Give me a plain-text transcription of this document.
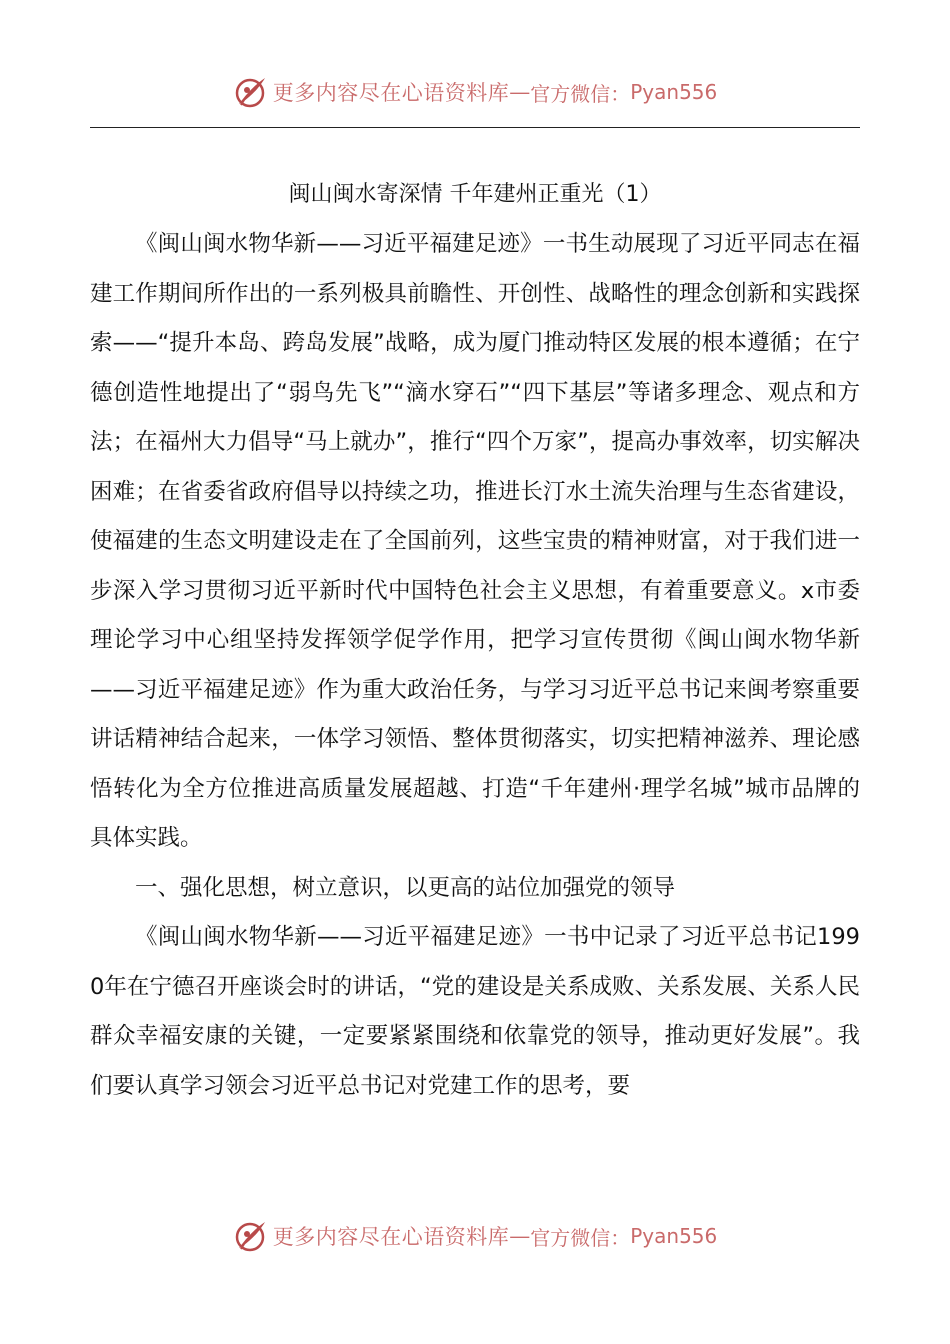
更多内容尽在心语资料库 — 官方微信： Pyan556
闽山闽水寄深情 千年建州正重光（1）

《闽山闽水物华新——习近平福建足迹》一书生动展现了习近平同志在福建工作期间所作出的一系列极具前瞻性、开创性、战略性的理念创新和实践探索——“提升本岛、跨岛发展”战略，成为厦门推动特区发展的根本遵循；在宁德创造性地提出了“弱鸟先飞”“滴水穿石”“四下基层”等诸多理念、观点和方法；在福州大力倡导“马上就办”，推行“四个万家”，提高办事效率，切实解决困难；在省委省政府倡导以持续之功，推进长汀水土流失治理与生态省建设，使福建的生态文明建设走在了全国前列，这些宝贵的精神财富，对于我们进一步深入学习贯彻习近平新时代中国特色社会主义思想，有着重要意义。x市委理论学习中心组坚持发挥领学促学作用，把学习宣传贯彻《闽山闽水物华新——习近平福建足迹》作为重大政治任务，与学习习近平总书记来闽考察重要讲话精神结合起来，一体学习领悟、整体贯彻落实，切实把精神滋养、理论感悟转化为全方位推进高质量发展超越、打造“千年建州·理学名城”城市品牌的具体实践。

一、强化思想，树立意识，以更高的站位加强党的领导

《闽山闽水物华新——习近平福建足迹》一书中记录了习近平总书记1990年在宁德召开座谈会时的讲话，“党的建设是关系成败、关系发展、关系人民群众幸福安康的关键，一定要紧紧围绕和依靠党的领导，推动更好发展”。我们要认真学习领会习近平总书记对党建工作的思考，要

更多内容尽在心语资料库 — 官方微信： Pyan556
